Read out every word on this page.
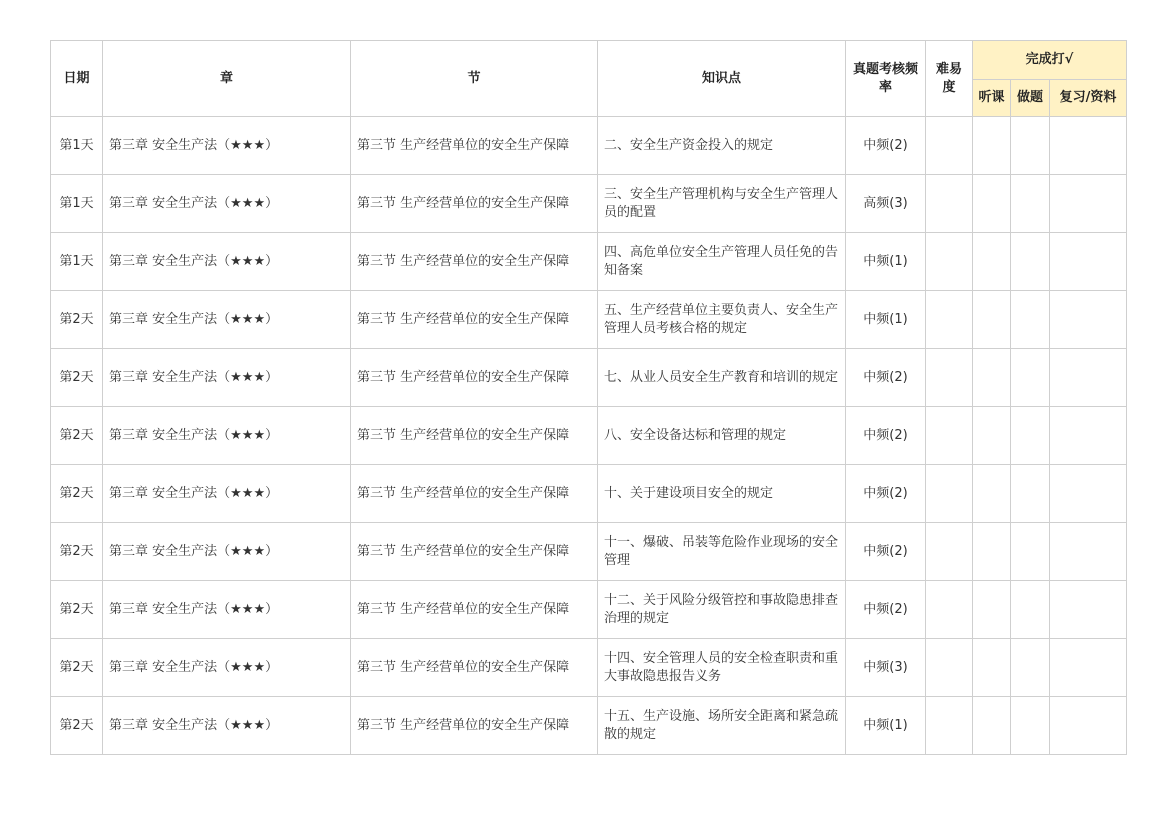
日期	章	节	知识点	真题考核频率	难易度	完成打√		
						听课	做题	复习/资料
第1天	第三章 安全生产法（★★★）	第三节 生产经营单位的安全生产保障	二、安全生产资金投入的规定	中频(2)				
第1天	第三章 安全生产法（★★★）	第三节 生产经营单位的安全生产保障	三、安全生产管理机构与安全生产管理人员的配置	高频(3)				
第1天	第三章 安全生产法（★★★）	第三节 生产经营单位的安全生产保障	四、高危单位安全生产管理人员任免的告知备案	中频(1)				
第2天	第三章 安全生产法（★★★）	第三节 生产经营单位的安全生产保障	五、生产经营单位主要负责人、安全生产管理人员考核合格的规定	中频(1)				
第2天	第三章 安全生产法（★★★）	第三节 生产经营单位的安全生产保障	七、从业人员安全生产教育和培训的规定	中频(2)				
第2天	第三章 安全生产法（★★★）	第三节 生产经营单位的安全生产保障	八、安全设备达标和管理的规定	中频(2)				
第2天	第三章 安全生产法（★★★）	第三节 生产经营单位的安全生产保障	十、关于建设项目安全的规定	中频(2)				
第2天	第三章 安全生产法（★★★）	第三节 生产经营单位的安全生产保障	十一、爆破、吊装等危险作业现场的安全管理	中频(2)				
第2天	第三章 安全生产法（★★★）	第三节 生产经营单位的安全生产保障	十二、关于风险分级管控和事故隐患排查治理的规定	中频(2)				
第2天	第三章 安全生产法（★★★）	第三节 生产经营单位的安全生产保障	十四、安全管理人员的安全检查职责和重大事故隐患报告义务	中频(3)				
第2天	第三章 安全生产法（★★★）	第三节 生产经营单位的安全生产保障	十五、生产设施、场所安全距离和紧急疏散的规定	中频(1)				
